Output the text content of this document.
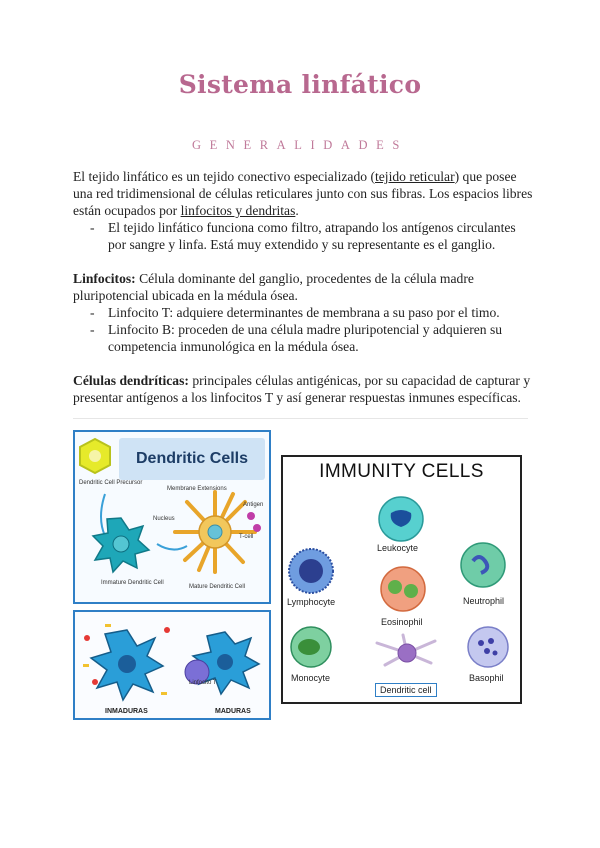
Sistema linfático
GENERALIDADES

El tejido linfático es un tejido conectivo especializado (tejido reticular) que posee una red tridimensional de células reticulares junto con sus fibras. Los espacios libres están ocupados por linfocitos y dendritas.

- El tejido linfático funciona como filtro, atrapando los antígenos circulantes por sangre y linfa. Está muy extendido y su representante es el ganglio.

Linfocitos: Célula dominante del ganglio, procedentes de la célula madre pluripotencial ubicada en la médula ósea.

- Linfocito T: adquiere determinantes de membrana a su paso por el timo.
- Linfocito B: proceden de una célula madre pluripotencial y adquieren su competencia inmunológica en la médula ósea.

Células dendríticas: principales células antigénicas, por su capacidad de capturar y presentar antígenos a los linfocitos T y así generar respuestas inmunes específicas.

Dendritic Cells
Dendritic Cell Precursor
Membrane Extensions
Nucleus
Antigen
T-cell
Immature Dendritic Cell
Mature Dendritic Cell
Linfocito T
INMADURAS	MADURAS
IMMUNITY CELLS
Leukocyte
Lymphocyte	Neutrophil
Eosinophil
Monocyte	Basophil
Dendritic cell
